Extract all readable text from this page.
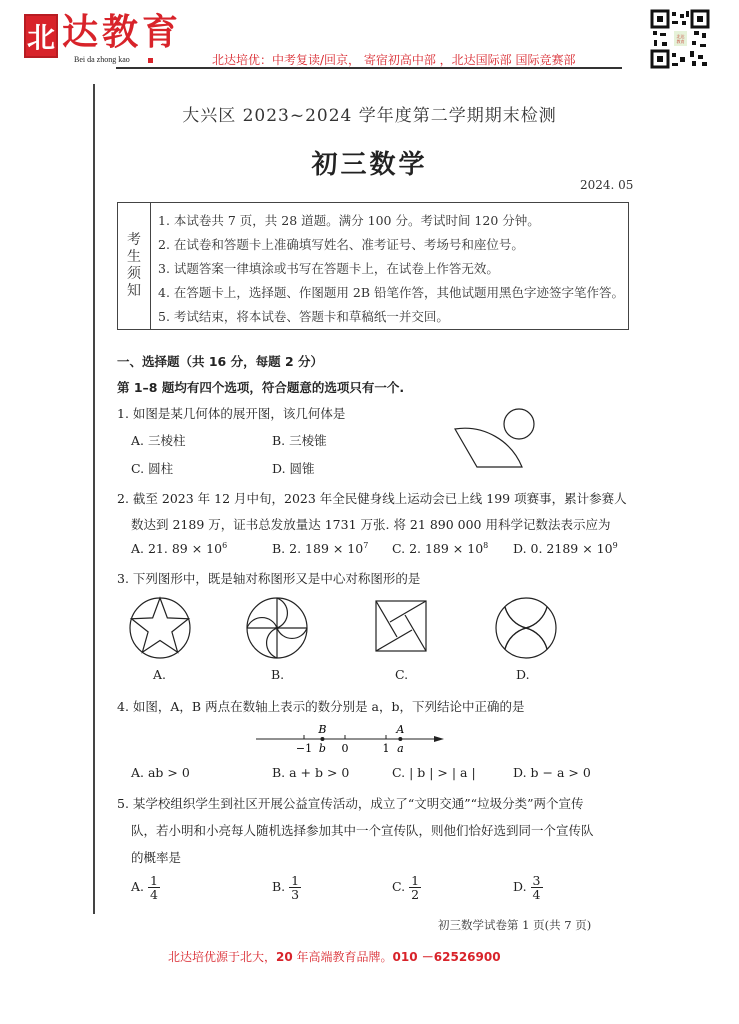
北 达教育
Bei da zhong kao	北达培优：中考复读/回京， 寄宿初高中部 ，北达国际部 国际竞赛部
北达
教育
大兴区 2023~2024 学年度第二学期期末检测
初三数学
2024. 05
考
生
须
知
1. 本试卷共 7 页，共 28 道题。满分 100 分。考试时间 120 分钟。
2. 在试卷和答题卡上准确填写姓名、准考证号、考场号和座位号。
3. 试题答案一律填涂或书写在答题卡上，在试卷上作答无效。
4. 在答题卡上，选择题、作图题用 2B 铅笔作答，其他试题用黑色字迹签字笔作答。
5. 考试结束，将本试卷、答题卡和草稿纸一并交回。
一、选择题（共 16 分，每题 2 分）
第 1–8 题均有四个选项，符合题意的选项只有一个.
1. 如图是某几何体的展开图，该几何体是
A. 三棱柱	B. 三棱锥
C. 圆柱	D. 圆锥
2. 截至 2023 年 12 月中旬，2023 年全民健身线上运动会已上线 199 项赛事，累计参赛人
数达到 2189 万，证书总发放量达 1731 万张. 将 21 890 000 用科学记数法表示应为
A. 21. $89 \times 10^6$	B. 2. $189 \times 10^7$ C. 2. $189 \times 10^8$ D. 0. $2189 \times 10^9$
3. 下列图形中，既是轴对称图形又是中心对称图形的是
A.	B.	C.	D.
4. 如图，A，B 两点在数轴上表示的数分别是 a，b，下列结论中正确的是
−1	0	1
B
b
A
a
A. ab > 0	B. a + b > 0	C. | b | > | a |	D. b − a > 0
5. 某学校组织学生到社区开展公益宣传活动，成立了“文明交通”“垃圾分类”两个宣传
队，若小明和小亮每人随机选择参加其中一个宣传队，则他们恰好选到同一个宣传队
的概率是
A. $\frac{1}{4}$	B. $\frac{1}{3}$	C. $\frac{1}{2}$	D. $\frac{3}{4}$
初三数学试卷第 1 页(共 7 页)
北达培优源于北大，20 年高端教育品牌。010 －62526900
